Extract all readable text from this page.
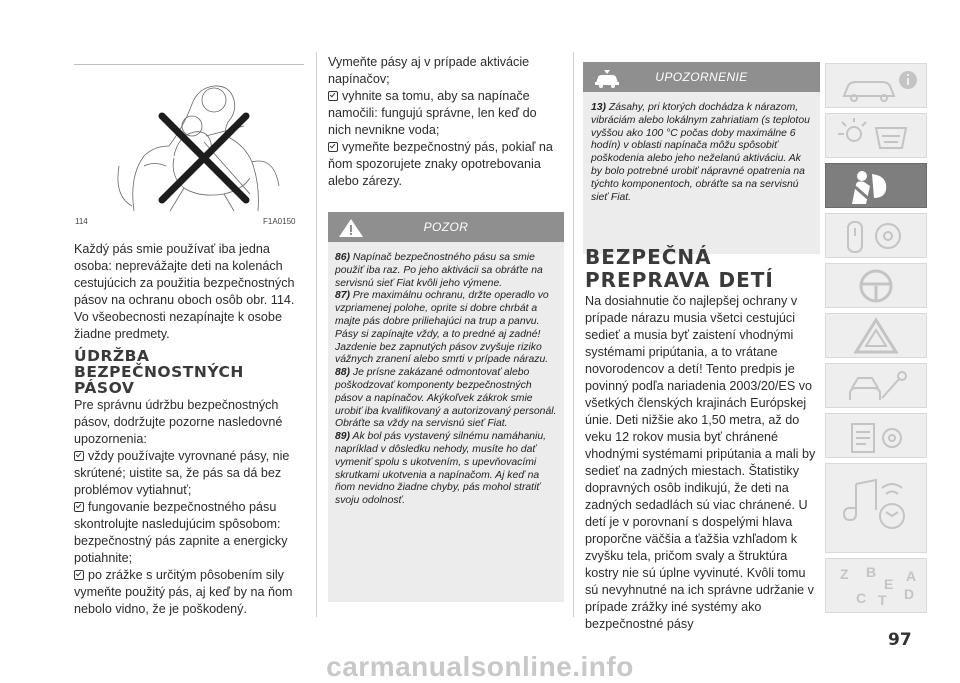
114	F1A0150
Každý pás smie používať iba jedna osoba: neprevážajte deti na kolenách cestujúcich za použitia bezpečnostných pásov na ochranu oboch osôb obr. 114. Vo všeobecnosti nezapínajte k osobe žiadne predmety.
ÚDRŽBA
BEZPEČNOSTNÝCH
PÁSOV

Pre správnu údržbu bezpečnostných pásov, dodržujte pozorne nasledovné upozornenia:

vždy používajte vyrovnané pásy, nie skrútené; uistite sa, že pás sa dá bez problémov vytiahnuť;

fungovanie bezpečnostného pásu skontrolujte nasledujúcim spôsobom: bezpečnostný pás zapnite a energicky potiahnite;

po zrážke s určitým pôsobením sily vymeňte použitý pás, aj keď by na ňom nebolo vidno, že je poškodený.

Vymeňte pásy aj v prípade aktivácie napínačov;

vyhnite sa tomu, aby sa napínače namočili: fungujú správne, len keď do nich nevnikne voda;

vymeňte bezpečnostný pás, pokiaľ na ňom spozorujete znaky opotrebovania alebo zárezy.

POZOR
86) Napínač bezpečnostného pásu sa smie použiť iba raz. Po jeho aktivácii sa obráťte na servisnú sieť Fiat kvôli jeho výmene.
87) Pre maximálnu ochranu, držte operadlo vo vzpriamenej polohe, oprite si dobre chrbát a majte pás dobre priliehajúci na trup a panvu. Pásy si zapínajte vždy, a to predné aj zadné! Jazdenie bez zapnutých pásov zvyšuje riziko vážnych zranení alebo smrti v prípade nárazu.
88) Je prísne zakázané odmontovať alebo poškodzovať komponenty bezpečnostných pásov a napínačov. Akýkoľvek zákrok smie urobiť iba kvalifikovaný a autorizovaný personál. Obráťte sa vždy na servisnú sieť Fiat.
89) Ak bol pás vystavený silnému namáhaniu, napríklad v dôsledku nehody, musíte ho dať vymeniť spolu s ukotvením, s upevňovacími skrutkami ukotvenia a napínačom. Aj keď na ňom nevidno žiadne chyby, pás mohol stratiť svoju odolnosť.
UPOZORNENIE
13) Zásahy, pri ktorých dochádza k nárazom, vibráciám alebo lokálnym zahriatiam (s teplotou vyššou ako 100 °C počas doby maximálne 6 hodín) v oblasti napínača môžu spôsobiť poškodenia alebo jeho neželanú aktiváciu. Ak by bolo potrebné urobiť nápravné opatrenia na týchto komponentoch, obráťte sa na servisnú sieť Fiat.
BEZPEČNÁ
PREPRAVA DETÍ
Na dosiahnutie čo najlepšej ochrany v prípade nárazu musia všetci cestujúci sedieť a musia byť zaistení vhodnými systémami pripútania, a to vrátane novorodencov a detí! Tento predpis je povinný podľa nariadenia 2003/20/ES vo všetkých členských krajinách Európskej únie. Deti nižšie ako 1,50 metra, až do veku 12 rokov musia byť chránené vhodnými systémami pripútania a mali by sedieť na zadných miestach. Štatistiky dopravných osôb indikujú, že deti na zadných sedadlách sú viac chránené. U detí je v porovnaní s dospelými hlava proporčne väčšia a ťažšia vzhľadom k zvyšku tela, pričom svaly a štruktúra kostry nie sú úplne vyvinuté. Kvôli tomu sú nevyhnutné na ich správne udržanie v prípade zrážky iné systémy ako bezpečnostné pásy
Z B
E A
C T D
97
carmanualsonline.info
